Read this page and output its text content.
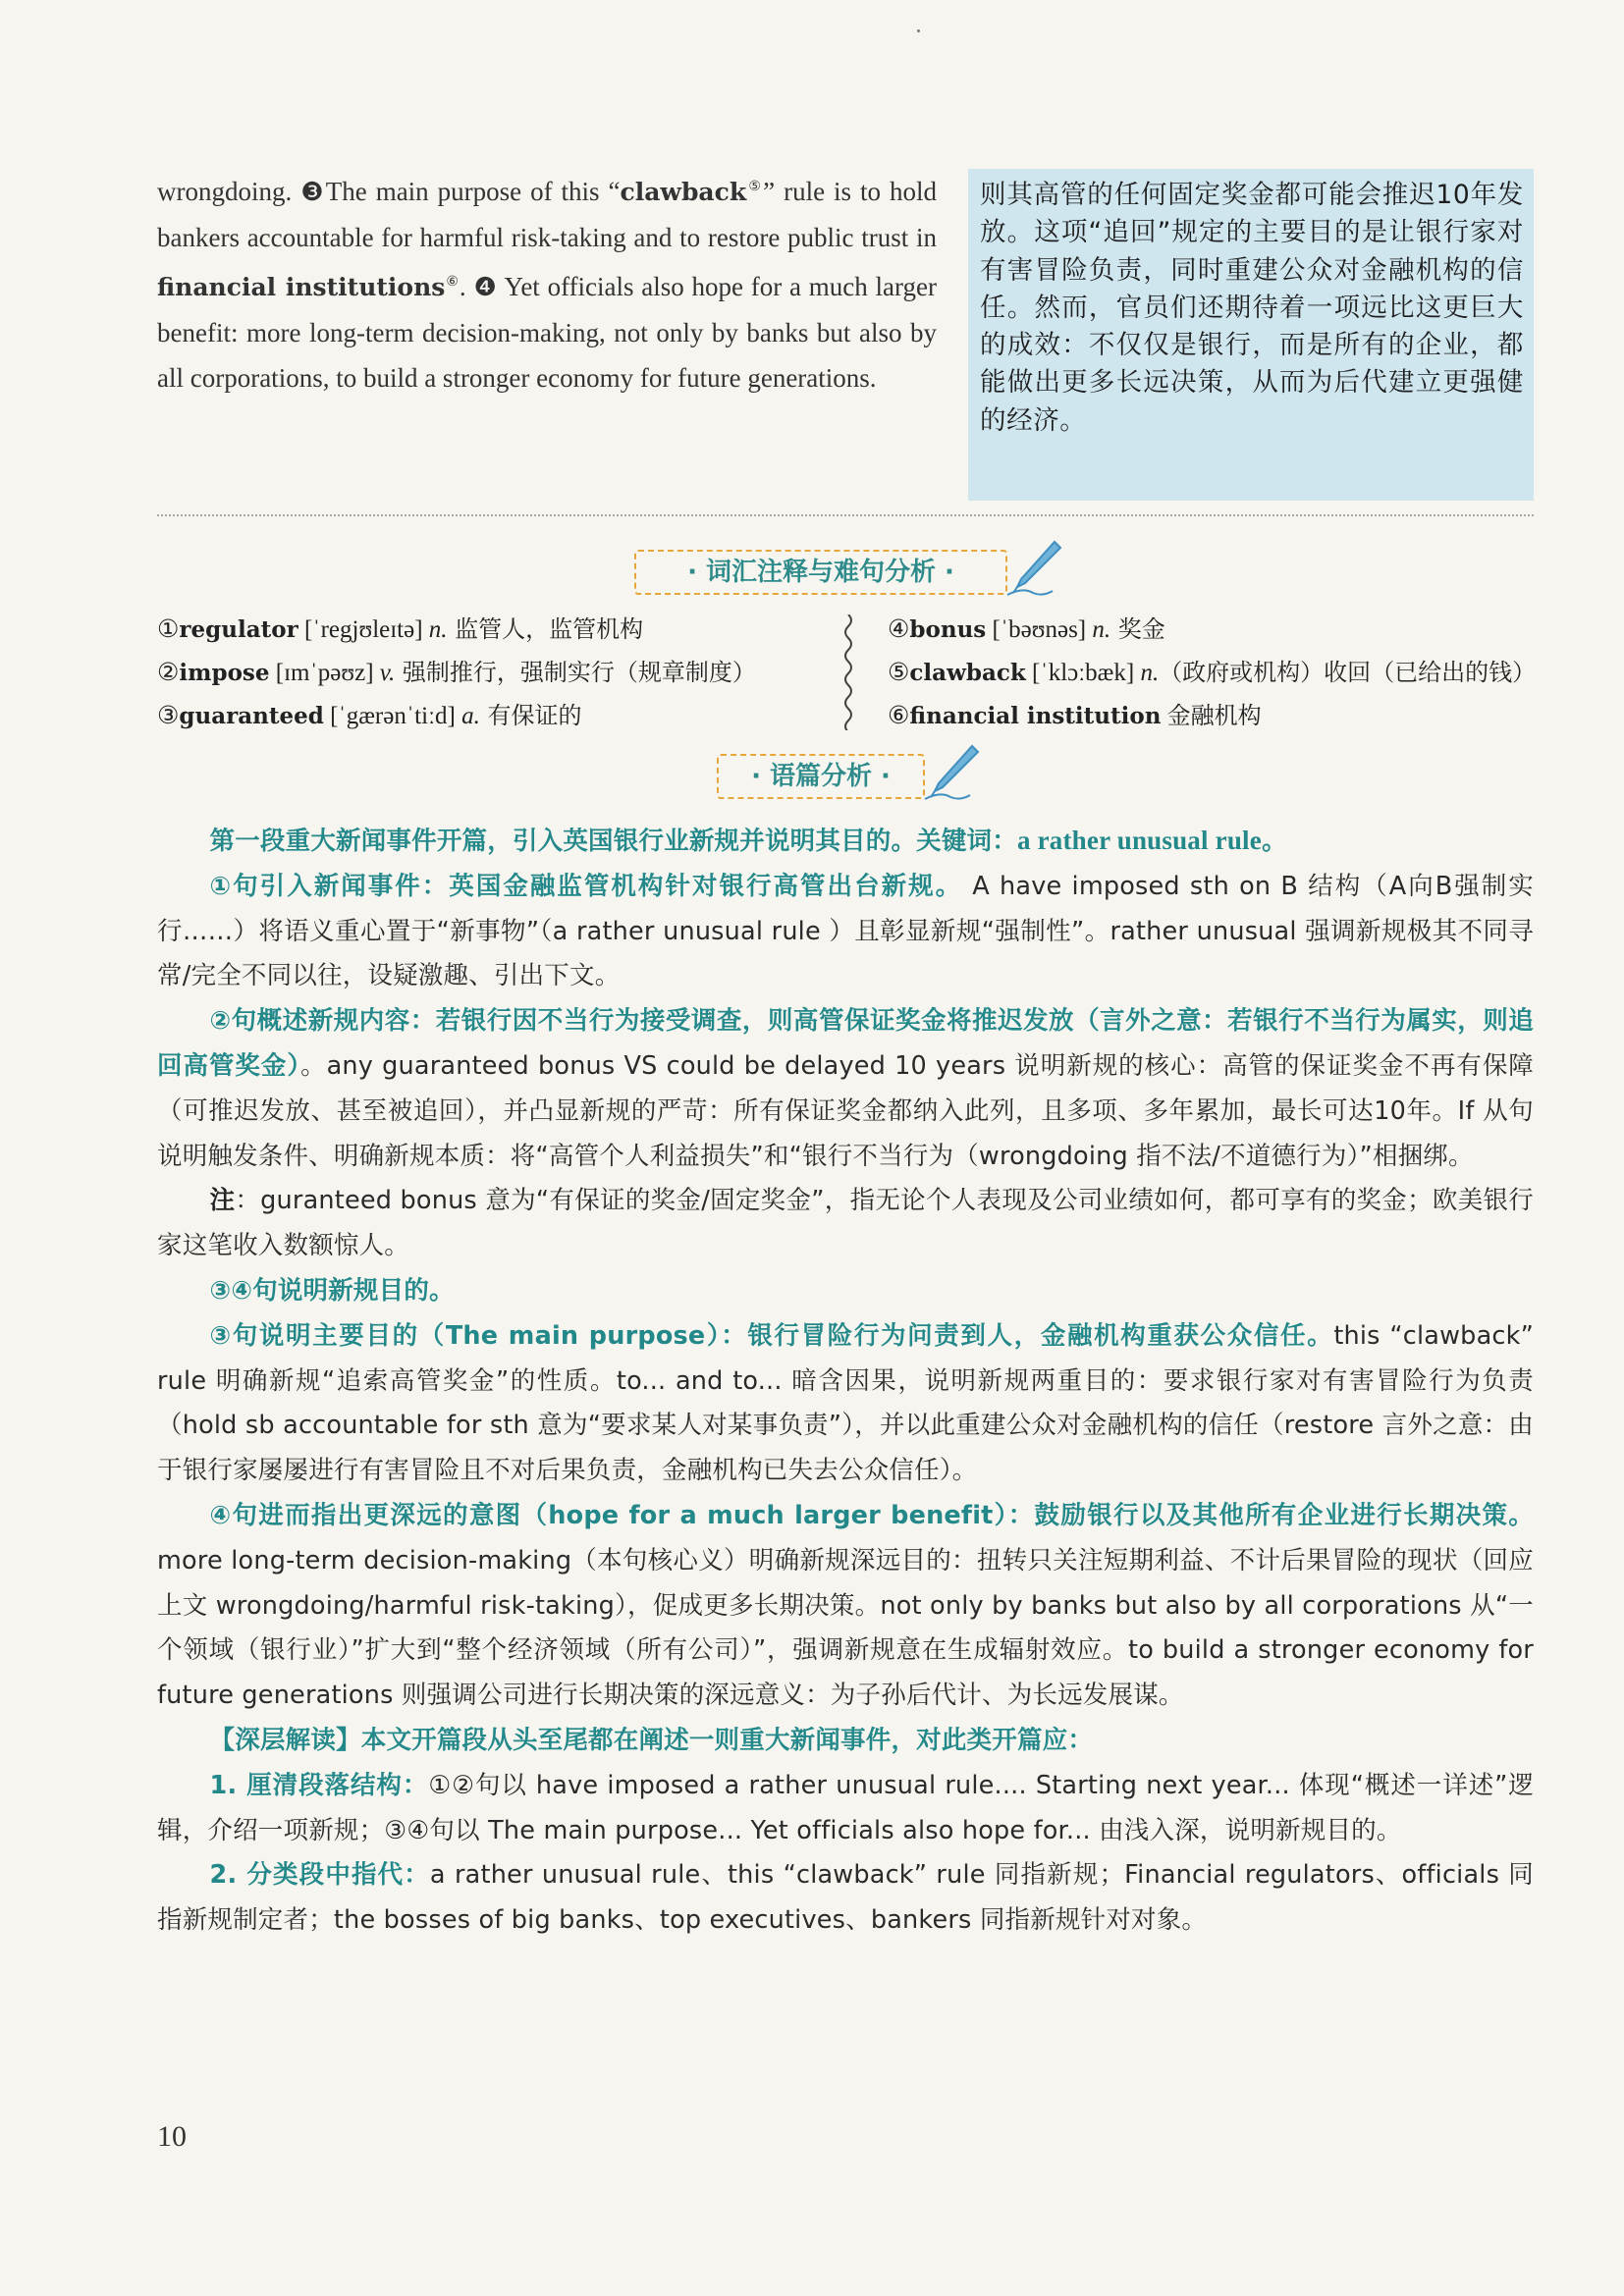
wrongdoing. ❸The main purpose of this “clawback⑤” rule is to hold bankers accountable for harmful risk-taking and to restore public trust in financial institutions⑥. ❹ Yet officials also hope for a much larger benefit: more long-term decision-making, not only by banks but also by all corporations, to build a stronger economy for future generations.
则其高管的任何固定奖金都可能会推迟10年发放。这项“追回”规定的主要目的是让银行家对有害冒险负责，同时重建公众对金融机构的信任。然而，官员们还期待着一项远比这更巨大的成效：不仅仅是银行，而是所有的企业，都能做出更多长远决策，从而为后代建立更强健的经济。
· 词汇注释与难句分析 ·
①regulator [ˈregjʊleɪtə] n. 监管人，监管机构
②impose [ɪmˈpəʊz] v. 强制推行，强制实行（规章制度）
③guaranteed [ˈgærənˈtiːd] a. 有保证的
④bonus [ˈbəʊnəs] n. 奖金
⑤clawback [ˈklɔːbæk] n.（政府或机构）收回（已给出的钱）
⑥financial institution 金融机构
· 语篇分析 ·

第一段重大新闻事件开篇，引入英国银行业新规并说明其目的。关键词：a rather unusual rule。

①句引入新闻事件：英国金融监管机构针对银行高管出台新规。 A have imposed sth on B 结构（A向B强制实行……）将语义重心置于“新事物”（a rather unusual rule ）且彰显新规“强制性”。rather unusual 强调新规极其不同寻常/完全不同以往，设疑激趣、引出下文。

②句概述新规内容：若银行因不当行为接受调查，则高管保证奖金将推迟发放（言外之意：若银行不当行为属实，则追回高管奖金）。any guaranteed bonus VS could be delayed 10 years 说明新规的核心：高管的保证奖金不再有保障（可推迟发放、甚至被追回），并凸显新规的严苛：所有保证奖金都纳入此列，且多项、多年累加，最长可达10年。If 从句说明触发条件、明确新规本质：将“高管个人利益损失”和“银行不当行为（wrongdoing 指不法/不道德行为）”相捆绑。

注：guranteed bonus 意为“有保证的奖金/固定奖金”，指无论个人表现及公司业绩如何，都可享有的奖金；欧美银行家这笔收入数额惊人。

③④句说明新规目的。

③句说明主要目的（The main purpose）：银行冒险行为问责到人，金融机构重获公众信任。this “clawback” rule 明确新规“追索高管奖金”的性质。to... and to... 暗含因果，说明新规两重目的：要求银行家对有害冒险行为负责（hold sb accountable for sth 意为“要求某人对某事负责”），并以此重建公众对金融机构的信任（restore 言外之意：由于银行家屡屡进行有害冒险且不对后果负责，金融机构已失去公众信任）。

④句进而指出更深远的意图（hope for a much larger benefit）：鼓励银行以及其他所有企业进行长期决策。more long-term decision-making（本句核心义）明确新规深远目的：扭转只关注短期利益、不计后果冒险的现状（回应上文 wrongdoing/harmful risk-taking），促成更多长期决策。not only by banks but also by all corporations 从“一个领域（银行业）”扩大到“整个经济领域（所有公司）”，强调新规意在生成辐射效应。to build a stronger economy for future generations 则强调公司进行长期决策的深远意义：为子孙后代计、为长远发展谋。

【深层解读】本文开篇段从头至尾都在阐述一则重大新闻事件，对此类开篇应：

1. 厘清段落结构：①②句以 have imposed a rather unusual rule.... Starting next year... 体现“概述一详述”逻辑，介绍一项新规；③④句以 The main purpose... Yet officials also hope for... 由浅入深，说明新规目的。

2. 分类段中指代：a rather unusual rule、this “clawback” rule 同指新规；Financial regulators、officials 同指新规制定者；the bosses of big banks、top executives、bankers 同指新规针对对象。

10
